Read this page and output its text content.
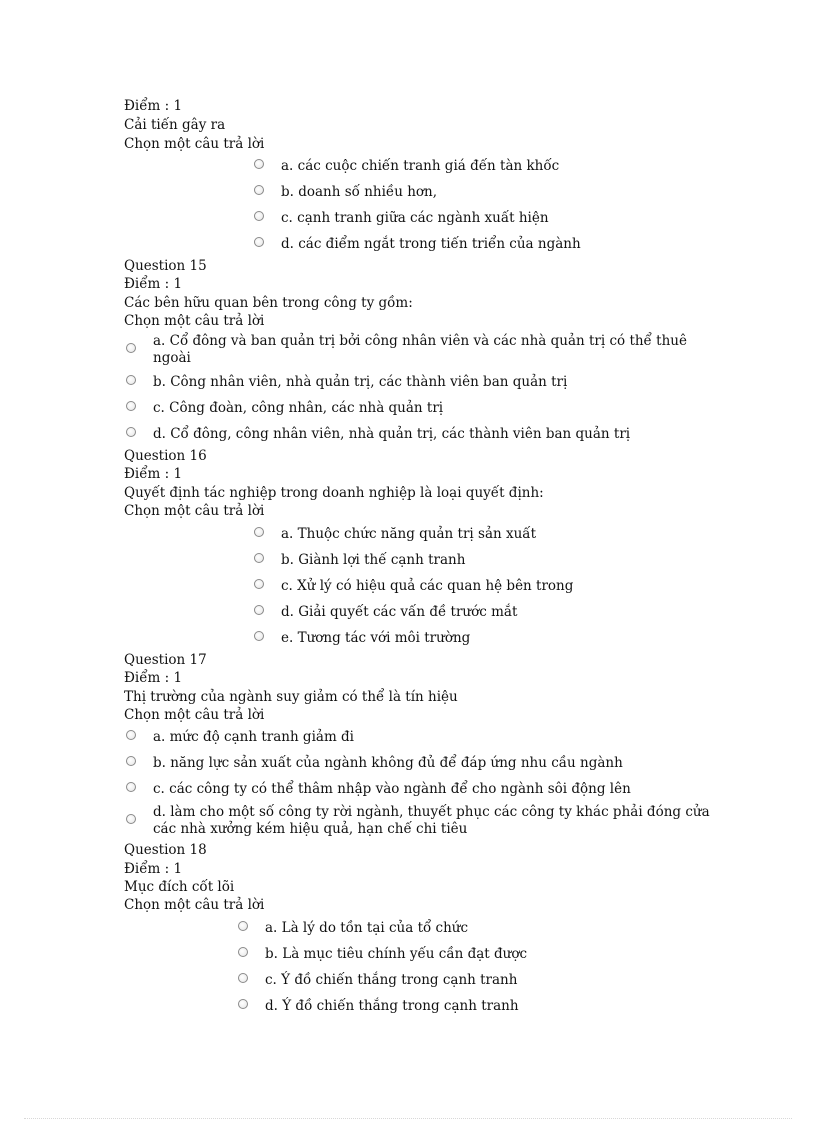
Điểm : 1
Cải tiến gây ra
Chọn một câu trả lời
a. các cuộc chiến tranh giá đến tàn khốc
b. doanh số nhiều hơn,
c. cạnh tranh giữa các ngành xuất hiện
d. các điểm ngắt trong tiến triển của ngành
Question 15
Điểm : 1
Các bên hữu quan bên trong công ty gồm:
Chọn một câu trả lời
a. Cổ đông và ban quản trị bởi công nhân viên và các nhà quản trị có thể thuê ngoài
b. Công nhân viên, nhà quản trị, các thành viên ban quản trị
c. Công đoàn, công nhân, các nhà quản trị
d. Cổ đông, công nhân viên, nhà quản trị, các thành viên ban quản trị
Question 16
Điểm : 1
Quyết định tác nghiệp trong doanh nghiệp là loại quyết định:
Chọn một câu trả lời
a. Thuộc chức năng quản trị sản xuất
b. Giành lợi thế cạnh tranh
c. Xử lý có hiệu quả các quan hệ bên trong
d. Giải quyết các vấn đề trước mắt
e. Tương tác với môi trường
Question 17
Điểm : 1
Thị trường của ngành suy giảm có thể là tín hiệu
Chọn một câu trả lời
a. mức độ cạnh tranh giảm đi
b. năng lực sản xuất của ngành không đủ để đáp ứng nhu cầu ngành
c. các công ty có thể thâm nhập vào ngành để cho ngành sôi động lên
d. làm cho một số công ty rời ngành, thuyết phục các công ty khác phải đóng cửa các nhà xưởng kém hiệu quả, hạn chế chi tiêu
Question 18
Điểm : 1
Mục đích cốt lõi
Chọn một câu trả lời
a. Là lý do tồn tại của tổ chức
b. Là mục tiêu chính yếu cần đạt được
c. Ý đồ chiến thắng trong cạnh tranh
d. Ý đồ chiến thắng trong cạnh tranh
